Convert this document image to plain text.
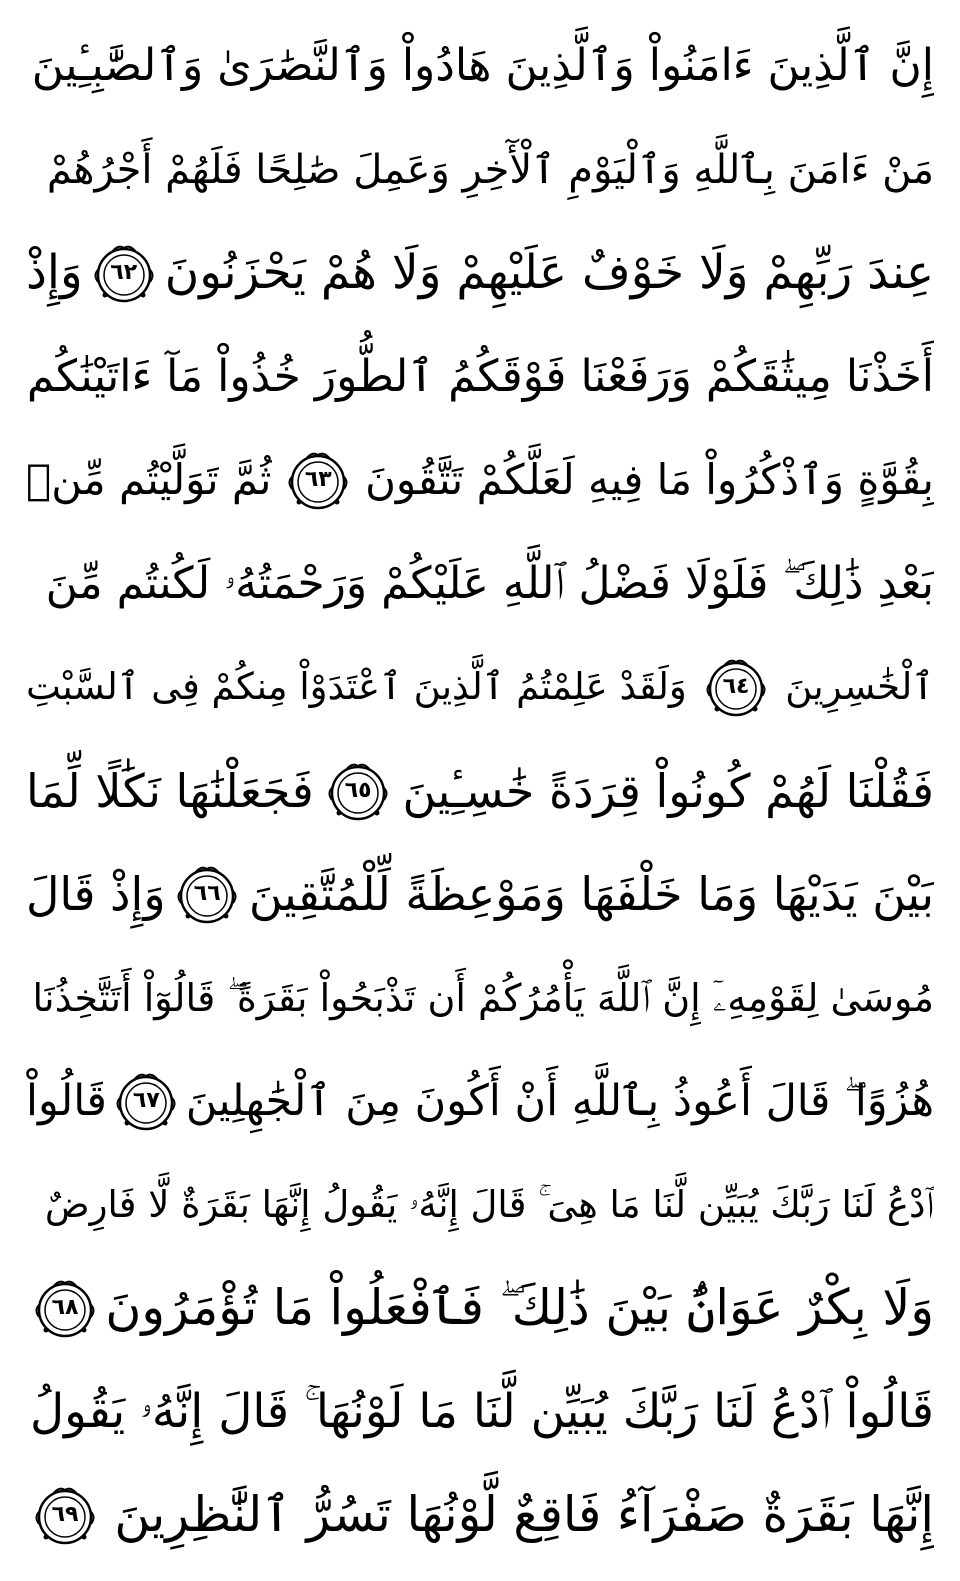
إِنَّ ٱلَّذِينَ ءَامَنُواْ وَٱلَّذِينَ هَادُواْ وَٱلنَّصَٰرَىٰ وَٱلصَّٰبِـِٔينَ
مَنْ ءَامَنَ بِٱللَّهِ وَٱلْيَوْمِ ٱلْأٓخِرِ وَعَمِلَ صَٰلِحًا فَلَهُمْ أَجْرُهُمْ
عِندَ رَبِّهِمْ وَلَا خَوْفٌ عَلَيْهِمْ وَلَا هُمْ يَحْزَنُونَ
٦٢
وَإِذْ
أَخَذْنَا مِيثَٰقَكُمْ وَرَفَعْنَا فَوْقَكُمُ ٱلطُّورَ خُذُواْ مَآ ءَاتَيْنَٰكُم
بِقُوَّةٍ وَٱذْكُرُواْ مَا فِيهِ لَعَلَّكُمْ تَتَّقُونَ
٦٣
ثُمَّ تَوَلَّيْتُم مِّنۢ
بَعْدِ ذَٰلِكَ ۖ فَلَوْلَا فَضْلُ ٱللَّهِ عَلَيْكُمْ وَرَحْمَتُهُۥ لَكُنتُم مِّنَ
ٱلْخَٰسِرِينَ
٦٤
وَلَقَدْ عَلِمْتُمُ ٱلَّذِينَ ٱعْتَدَوْاْ مِنكُمْ فِى ٱلسَّبْتِ
فَقُلْنَا لَهُمْ كُونُواْ قِرَدَةً خَٰسِـِٔينَ
٦٥
فَجَعَلْنَٰهَا نَكَٰلًا لِّمَا
بَيْنَ يَدَيْهَا وَمَا خَلْفَهَا وَمَوْعِظَةً لِّلْمُتَّقِينَ
٦٦
وَإِذْ قَالَ
مُوسَىٰ لِقَوْمِهِۦٓ إِنَّ ٱللَّهَ يَأْمُرُكُمْ أَن تَذْبَحُواْ بَقَرَةً ۖ قَالُوٓاْ أَتَتَّخِذُنَا
هُزُوًا ۖ قَالَ أَعُوذُ بِٱللَّهِ أَنْ أَكُونَ مِنَ ٱلْجَٰهِلِينَ
٦٧
قَالُواْ
ٱدْعُ لَنَا رَبَّكَ يُبَيِّن لَّنَا مَا هِىَ ۚ قَالَ إِنَّهُۥ يَقُولُ إِنَّهَا بَقَرَةٌ لَّا فَارِضٌ
وَلَا بِكْرٌ عَوَانٌۢ بَيْنَ ذَٰلِكَ ۖ فَٱفْعَلُواْ مَا تُؤْمَرُونَ
٦٨
قَالُواْ ٱدْعُ لَنَا رَبَّكَ يُبَيِّن لَّنَا مَا لَوْنُهَا ۚ قَالَ إِنَّهُۥ يَقُولُ
إِنَّهَا بَقَرَةٌ صَفْرَآءُ فَاقِعٌ لَّوْنُهَا تَسُرُّ ٱلنَّٰظِرِينَ
٦٩
